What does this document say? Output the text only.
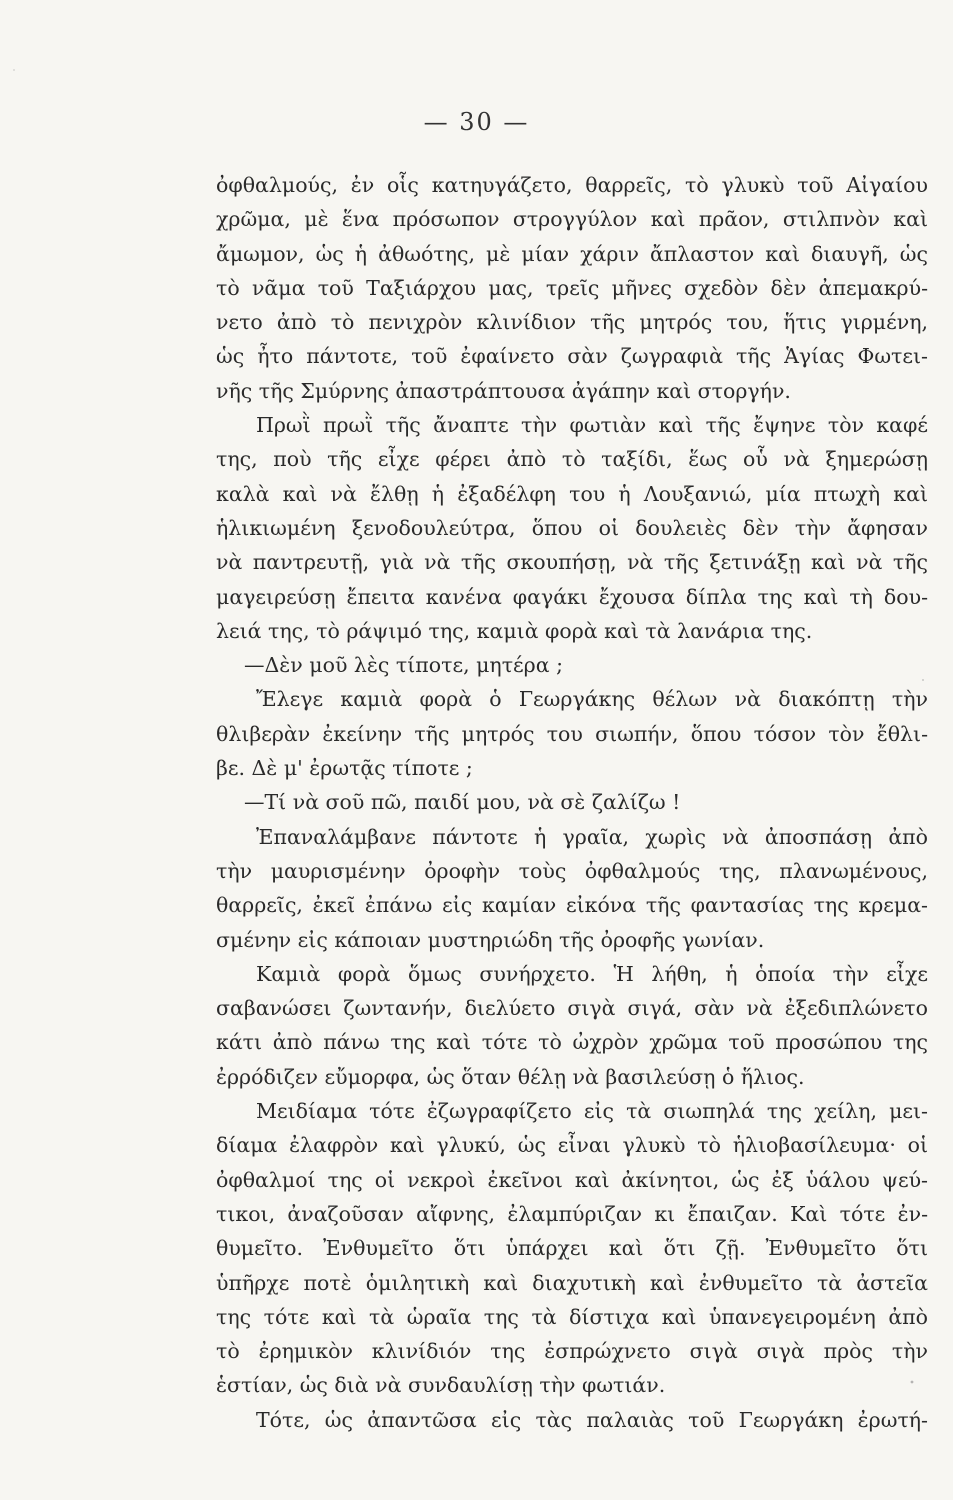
— 30 —
ὀφθαλμούς, ἐν οἷς κατηυγάζετο, θαρρεῖς, τὸ γλυκὺ τοῦ Αἰγαίου
χρῶμα, μὲ ἕνα πρόσωπον στρογγύλον καὶ πρᾶον, στιλπνὸν καὶ
ἄμωμον, ὡς ἡ ἀθωότης, μὲ μίαν χάριν ἄπλαστον καὶ διαυγῆ, ὡς
τὸ νᾶμα τοῦ Ταξιάρχου μας, τρεῖς μῆνες σχεδὸν δὲν ἀπεμακρύ-
νετο ἀπὸ τὸ πενιχρὸν κλινίδιον τῆς μητρός του, ἥτις γιρμένη,
ὡς ἦτο πάντοτε, τοῦ ἐφαίνετο σὰν ζωγραφιὰ τῆς Ἁγίας Φωτει-
νῆς τῆς Σμύρνης ἀπαστράπτουσα ἀγάπην καὶ στοργήν.
Πρωῒ πρωῒ τῆς ἄναπτε τὴν φωτιὰν καὶ τῆς ἔψηνε τὸν καφέ
της, ποὺ τῆς εἶχε φέρει ἀπὸ τὸ ταξίδι, ἕως οὗ νὰ ξημερώσῃ
καλὰ καὶ νὰ ἔλθῃ ἡ ἐξαδέλφη του ἡ Λουξανιώ, μία πτωχὴ καὶ
ἡλικιωμένη ξενοδουλεύτρα, ὅπου οἱ δουλειὲς δὲν τὴν ἄφησαν
νὰ παντρευτῇ, γιὰ νὰ τῆς σκουπήσῃ, νὰ τῆς ξετινάξῃ καὶ νὰ τῆς
μαγειρεύσῃ ἔπειτα κανένα φαγάκι ἔχουσα δίπλα της καὶ τὴ δου-
λειά της, τὸ ράψιμό της, καμιὰ φορὰ καὶ τὰ λανάρια της.
—Δὲν μοῦ λὲς τίποτε, μητέρα ;
Ἔλεγε καμιὰ φορὰ ὁ Γεωργάκης θέλων νὰ διακόπτῃ τὴν
θλιβερὰν ἐκείνην τῆς μητρός του σιωπήν, ὅπου τόσον τὸν ἔθλι-
βε. Δὲ μ' ἐρωτᾷς τίποτε ;
—Τί νὰ σοῦ πῶ, παιδί μου, νὰ σὲ ζαλίζω !
Ἐπαναλάμβανε πάντοτε ἡ γραῖα, χωρὶς νὰ ἀποσπάσῃ ἀπὸ
τὴν μαυρισμένην ὀροφὴν τοὺς ὀφθαλμούς της, πλανωμένους,
θαρρεῖς, ἐκεῖ ἐπάνω εἰς καμίαν εἰκόνα τῆς φαντασίας της κρεμα-
σμένην εἰς κάποιαν μυστηριώδη τῆς ὀροφῆς γωνίαν.
Καμιὰ φορὰ ὅμως συνήρχετο. Ἡ λήθη, ἡ ὁποία τὴν εἶχε
σαβανώσει ζωντανήν, διελύετο σιγὰ σιγά, σὰν νὰ ἐξεδιπλώνετο
κάτι ἀπὸ πάνω της καὶ τότε τὸ ὠχρὸν χρῶμα τοῦ προσώπου της
ἐρρόδιζεν εὔμορφα, ὡς ὅταν θέλῃ νὰ βασιλεύσῃ ὁ ἥλιος.
Μειδίαμα τότε ἐζωγραφίζετο εἰς τὰ σιωπηλά της χείλη, μει-
δίαμα ἐλαφρὸν καὶ γλυκύ, ὡς εἶναι γλυκὺ τὸ ἡλιοβασίλευμα· οἱ
ὀφθαλμοί της οἱ νεκροὶ ἐκεῖνοι καὶ ἀκίνητοι, ὡς ἐξ ὑάλου ψεύ-
τικοι, ἀναζοῦσαν αἴφνης, ἐλαμπύριζαν κι ἔπαιζαν. Καὶ τότε ἐν-
θυμεῖτο. Ἐνθυμεῖτο ὅτι ὑπάρχει καὶ ὅτι ζῇ. Ἐνθυμεῖτο ὅτι
ὑπῆρχε ποτὲ ὁμιλητικὴ καὶ διαχυτικὴ καὶ ἐνθυμεῖτο τὰ ἀστεῖα
της τότε καὶ τὰ ὡραῖα της τὰ δίστιχα καὶ ὑπανεγειρομένη ἀπὸ
τὸ ἐρημικὸν κλινίδιόν της ἐσπρώχνετο σιγὰ σιγὰ πρὸς τὴν
ἑστίαν, ὡς διὰ νὰ συνδαυλίσῃ τὴν φωτιάν.
Τότε, ὡς ἀπαντῶσα εἰς τὰς παλαιὰς τοῦ Γεωργάκη ἐρωτή-
